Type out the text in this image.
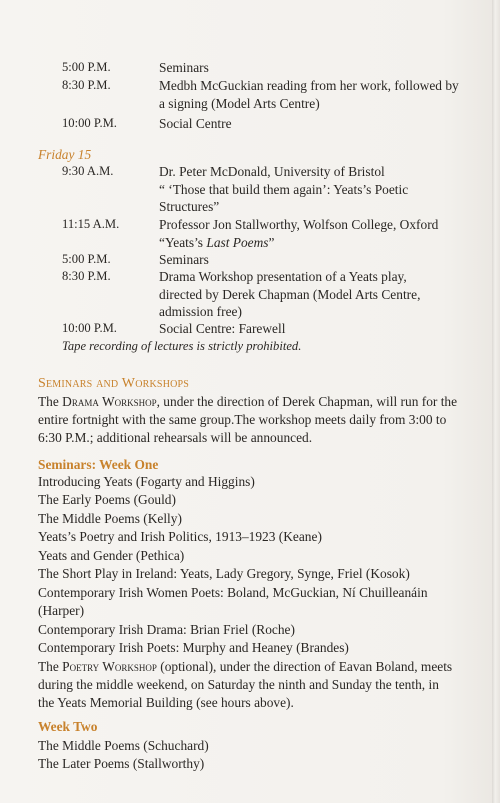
5:00 P.M.	Seminars
8:30 P.M.	Medbh McGuckian reading from her work, followed by a signing (Model Arts Centre)
10:00 P.M.	Social Centre
Friday 15
9:30 A.M.	Dr. Peter McDonald, University of Bristol
“ ‘Those that build them again’: Yeats’s Poetic Structures”
11:15 A.M.	Professor Jon Stallworthy, Wolfson College, Oxford
“Yeats’s Last Poems”
5:00 P.M.	Seminars
8:30 P.M.	Drama Workshop presentation of a Yeats play, directed by Derek Chapman (Model Arts Centre, admission free)
10:00 P.M.	Social Centre: Farewell
Tape recording of lectures is strictly prohibited.
Seminars and Workshops
The Drama Workshop, under the direction of Derek Chapman, will run for the entire fortnight with the same group.The workshop meets daily from 3:00 to 6:30 P.M.; additional rehearsals will be announced.
Seminars: Week One
Introducing Yeats (Fogarty and Higgins)
The Early Poems (Gould)
The Middle Poems (Kelly)
Yeats’s Poetry and Irish Politics, 1913–1923 (Keane)
Yeats and Gender (Pethica)
The Short Play in Ireland: Yeats, Lady Gregory, Synge, Friel (Kosok)
Contemporary Irish Women Poets: Boland, McGuckian, Ní Chuilleanáin (Harper)
Contemporary Irish Drama: Brian Friel (Roche)
Contemporary Irish Poets: Murphy and Heaney (Brandes)
The Poetry Workshop (optional), under the direction of Eavan Boland, meets during the middle weekend, on Saturday the ninth and Sunday the tenth, in the Yeats Memorial Building (see hours above).
Week Two
The Middle Poems (Schuchard)
The Later Poems (Stallworthy)
